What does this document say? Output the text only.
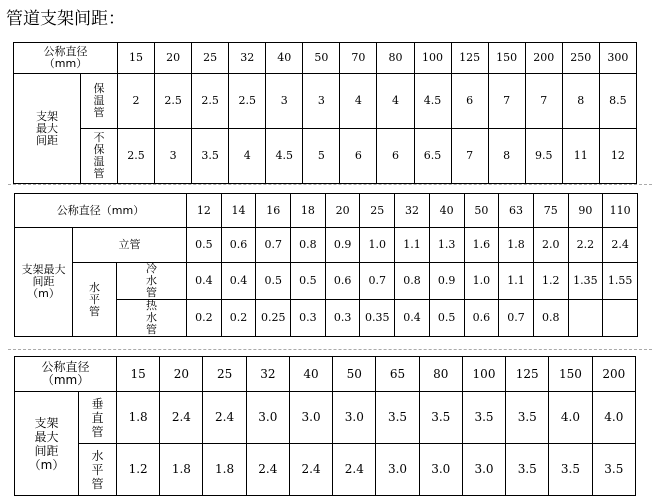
管道支架间距：
公称直径
（mm）		15	20	25	32	40	50	70	80	100	125	150	200	250	300
支架
最大
间距	保
温
管	2	2.5	2.5	2.5	3	3	4	4	4.5	6	7	7	8	8.5
	不
保
温
管	2.5	3	3.5	4	4.5	5	6	6	6.5	7	8	9.5	11	12
公称直径（mm）			12	14	16	18	20	25	32	40	50	63	75	90	110
支架最大
间距
（m）	立管		0.5	0.6	0.7	0.8	0.9	1.0	1.1	1.3	1.6	1.8	2.0	2.2	2.4
	水
平
管	冷
水
管	0.4	0.4	0.5	0.5	0.6	0.7	0.8	0.9	1.0	1.1	1.2	1.35	1.55
		热
水
管	0.2	0.2	0.25	0.3	0.3	0.35	0.4	0.5	0.6	0.7	0.8		
公称直径
（mm）		15	20	25	32	40	50	65	80	100	125	150	200
支架
最大
间距
（m）	垂
直
管	1.8	2.4	2.4	3.0	3.0	3.0	3.5	3.5	3.5	3.5	4.0	4.0
	水
平
管	1.2	1.8	1.8	2.4	2.4	2.4	3.0	3.0	3.0	3.5	3.5	3.5
